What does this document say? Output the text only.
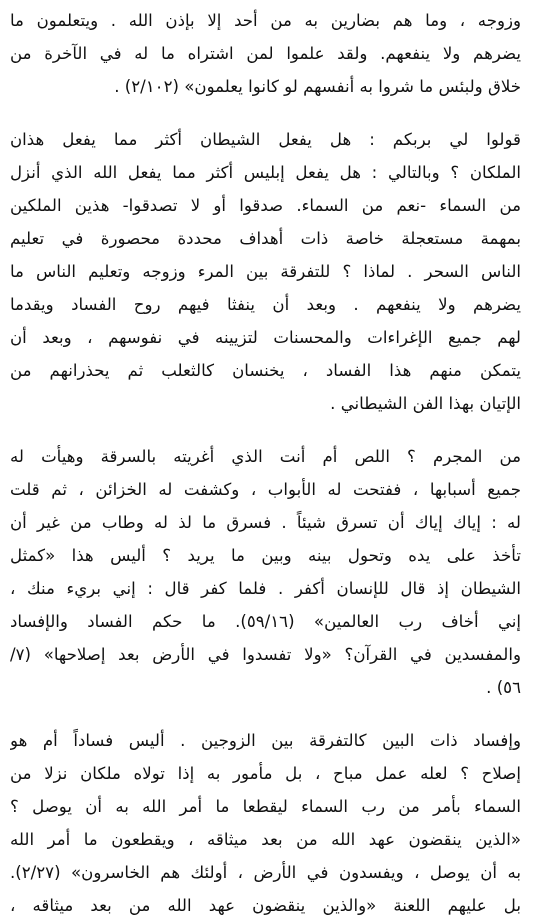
وزوجه ، وما هم بضارين به من أحد إلا بإذن الله . ويتعلمون ما
يضرهم ولا ينفعهم. ولقد علموا لمن اشتراه ما له في الآخرة من
خلاق ولبئس ما شروا به أنفسهم لو كانوا يعلمون» (٢/١٠٢) .
قولوا لي بربكم : هل يفعل الشيطان أكثر مما يفعل هذان
الملكان ؟ وبالتالي : هل يفعل إبليس أكثر مما يفعل الله الذي أنزل
من السماء -نعم من السماء. صدقوا أو لا تصدقوا- هذين الملكين
بمهمة مستعجلة خاصة ذات أهداف محددة محصورة في تعليم
الناس السحر . لماذا ؟ للتفرقة بين المرء وزوجه وتعليم الناس ما
يضرهم ولا ينفعهم . وبعد أن ينفثا فيهم روح الفساد ويقدما
لهم جميع الإغراءات والمحسنات لتزيينه في نفوسهم ، وبعد أن
يتمكن منهم هذا الفساد ، يخنسان كالثعلب ثم يحذرانهم من
الإتيان بهذا الفن الشيطاني .
من المجرم ؟ اللص أم أنت الذي أغريته بالسرقة وهيأت له
جميع أسبابها ، ففتحت له الأبواب ، وكشفت له الخزائن ، ثم قلت
له : إياك إياك أن تسرق شيئاً . فسرق ما لذ له وطاب من غير أن
تأخذ على يده وتحول بينه وبين ما يريد ؟ أليس هذا «كمثل
الشيطان إذ قال للإنسان أكفر . فلما كفر قال : إني بريء منك ،
إني أخاف رب العالمين» (٥٩/١٦). ما حكم الفساد والإفساد
والمفسدين في القرآن؟ «ولا تفسدوا في الأرض بعد إصلاحها» (٧/
٥٦) .
وإفساد ذات البين كالتفرقة بين الزوجين . أليس فساداً أم هو
إصلاح ؟ لعله عمل مباح ، بل مأمور به إذا تولاه ملكان نزلا من
السماء بأمر من رب السماء ليقطعا ما أمر الله به أن يوصل ؟
«الذين ينقضون عهد الله من بعد ميثاقه ، ويقطعون ما أمر الله
به أن يوصل ، ويفسدون في الأرض ، أولئك هم الخاسرون» (٢/٢٧).
بل عليهم اللعنة «والذين ينقضون عهد الله من بعد ميثاقه ،
